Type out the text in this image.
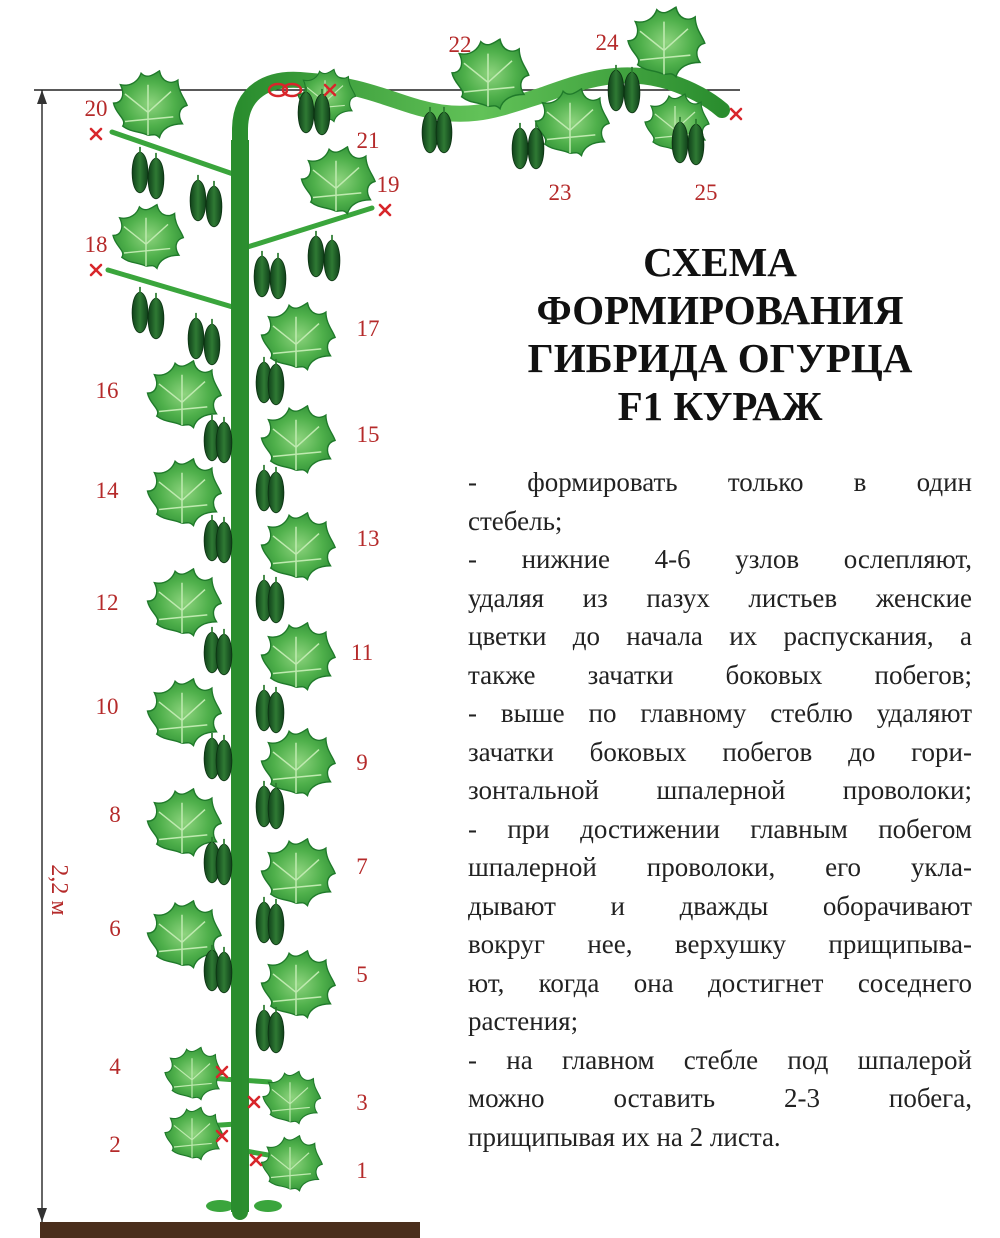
2,2 м
1
2
3
4
5
6
7
8
9
10
11
12
13
14
15
16
17
18
19
20
21
22
23
24
25
СХЕМА
ФОРМИРОВАНИЯ
ГИБРИДА ОГУРЦА
F1 КУРАЖ
- формировать только в один
стебель;
- нижние 4-6 узлов ослепляют,
удаляя из пазух листьев женские
цветки до начала их распускания, а
также зачатки боковых побегов;
- выше по главному стеблю удаляют
зачатки боковых побегов до гори-
зонтальной шпалерной проволоки;
- при достижении главным побегом
шпалерной проволоки, его укла-
дывают и дважды оборачивают
вокруг нее, верхушку прищипыва-
ют, когда она достигнет соседнего
растения;
- на главном стебле под шпалерой
можно оставить 2-3 побега,
прищипывая их на 2 листа.
